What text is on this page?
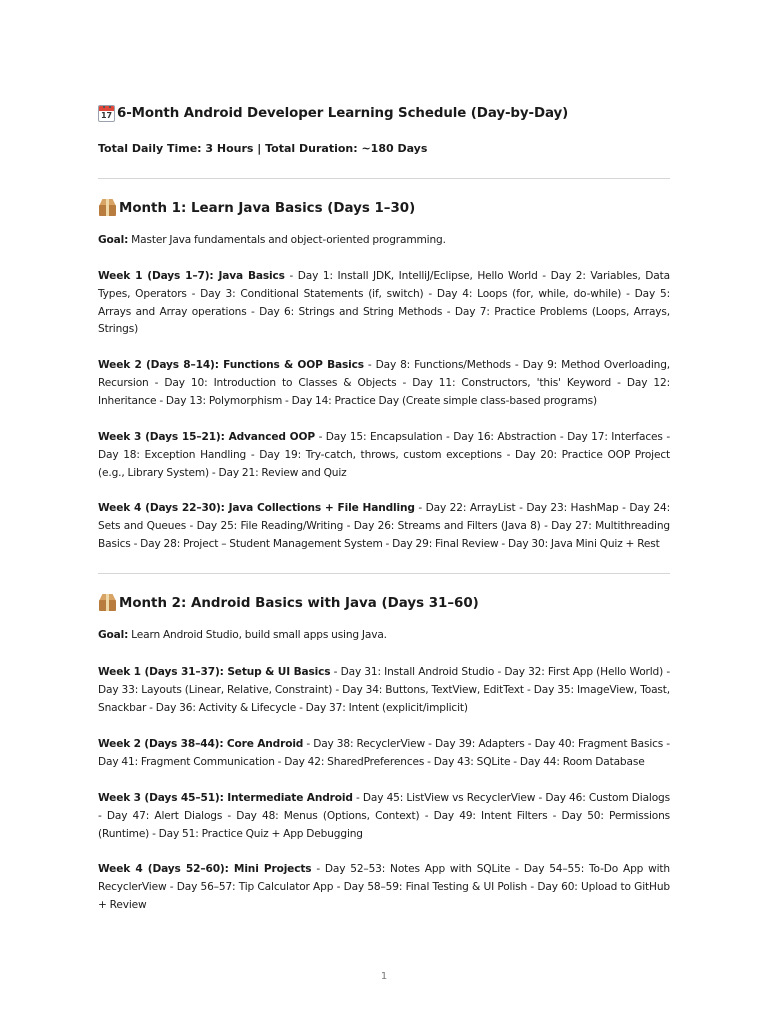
17 6-Month Android Developer Learning Schedule (Day-by-Day)
Total Daily Time: 3 Hours | Total Duration: ~180 Days
Month 1: Learn Java Basics (Days 1–30)

Goal: Master Java fundamentals and object-oriented programming.

Week 1 (Days 1–7): Java Basics - Day 1: Install JDK, IntelliJ/Eclipse, Hello World - Day 2: Variables, Data Types, Operators - Day 3: Conditional Statements (if, switch) - Day 4: Loops (for, while, do-while) - Day 5: Arrays and Array operations - Day 6: Strings and String Methods - Day 7: Practice Problems (Loops, Arrays, Strings)

Week 2 (Days 8–14): Functions & OOP Basics - Day 8: Functions/Methods - Day 9: Method Overloading, Recursion - Day 10: Introduction to Classes & Objects - Day 11: Constructors, 'this' Keyword - Day 12: Inheritance - Day 13: Polymorphism - Day 14: Practice Day (Create simple class-based programs)

Week 3 (Days 15–21): Advanced OOP - Day 15: Encapsulation - Day 16: Abstraction - Day 17: Interfaces - Day 18: Exception Handling - Day 19: Try-catch, throws, custom exceptions - Day 20: Practice OOP Project (e.g., Library System) - Day 21: Review and Quiz

Week 4 (Days 22–30): Java Collections + File Handling - Day 22: ArrayList - Day 23: HashMap - Day 24: Sets and Queues - Day 25: File Reading/Writing - Day 26: Streams and Filters (Java 8) - Day 27: Multithreading Basics - Day 28: Project – Student Management System - Day 29: Final Review - Day 30: Java Mini Quiz + Rest

Month 2: Android Basics with Java (Days 31–60)

Goal: Learn Android Studio, build small apps using Java.

Week 1 (Days 31–37): Setup & UI Basics - Day 31: Install Android Studio - Day 32: First App (Hello World) - Day 33: Layouts (Linear, Relative, Constraint) - Day 34: Buttons, TextView, EditText - Day 35: ImageView, Toast, Snackbar - Day 36: Activity & Lifecycle - Day 37: Intent (explicit/implicit)

Week 2 (Days 38–44): Core Android - Day 38: RecyclerView - Day 39: Adapters - Day 40: Fragment Basics - Day 41: Fragment Communication - Day 42: SharedPreferences - Day 43: SQLite - Day 44: Room Database

Week 3 (Days 45–51): Intermediate Android - Day 45: ListView vs RecyclerView - Day 46: Custom Dialogs - Day 47: Alert Dialogs - Day 48: Menus (Options, Context) - Day 49: Intent Filters - Day 50: Permissions (Runtime) - Day 51: Practice Quiz + App Debugging

Week 4 (Days 52–60): Mini Projects - Day 52–53: Notes App with SQLite - Day 54–55: To-Do App with RecyclerView - Day 56–57: Tip Calculator App - Day 58–59: Final Testing & UI Polish - Day 60: Upload to GitHub + Review

1
